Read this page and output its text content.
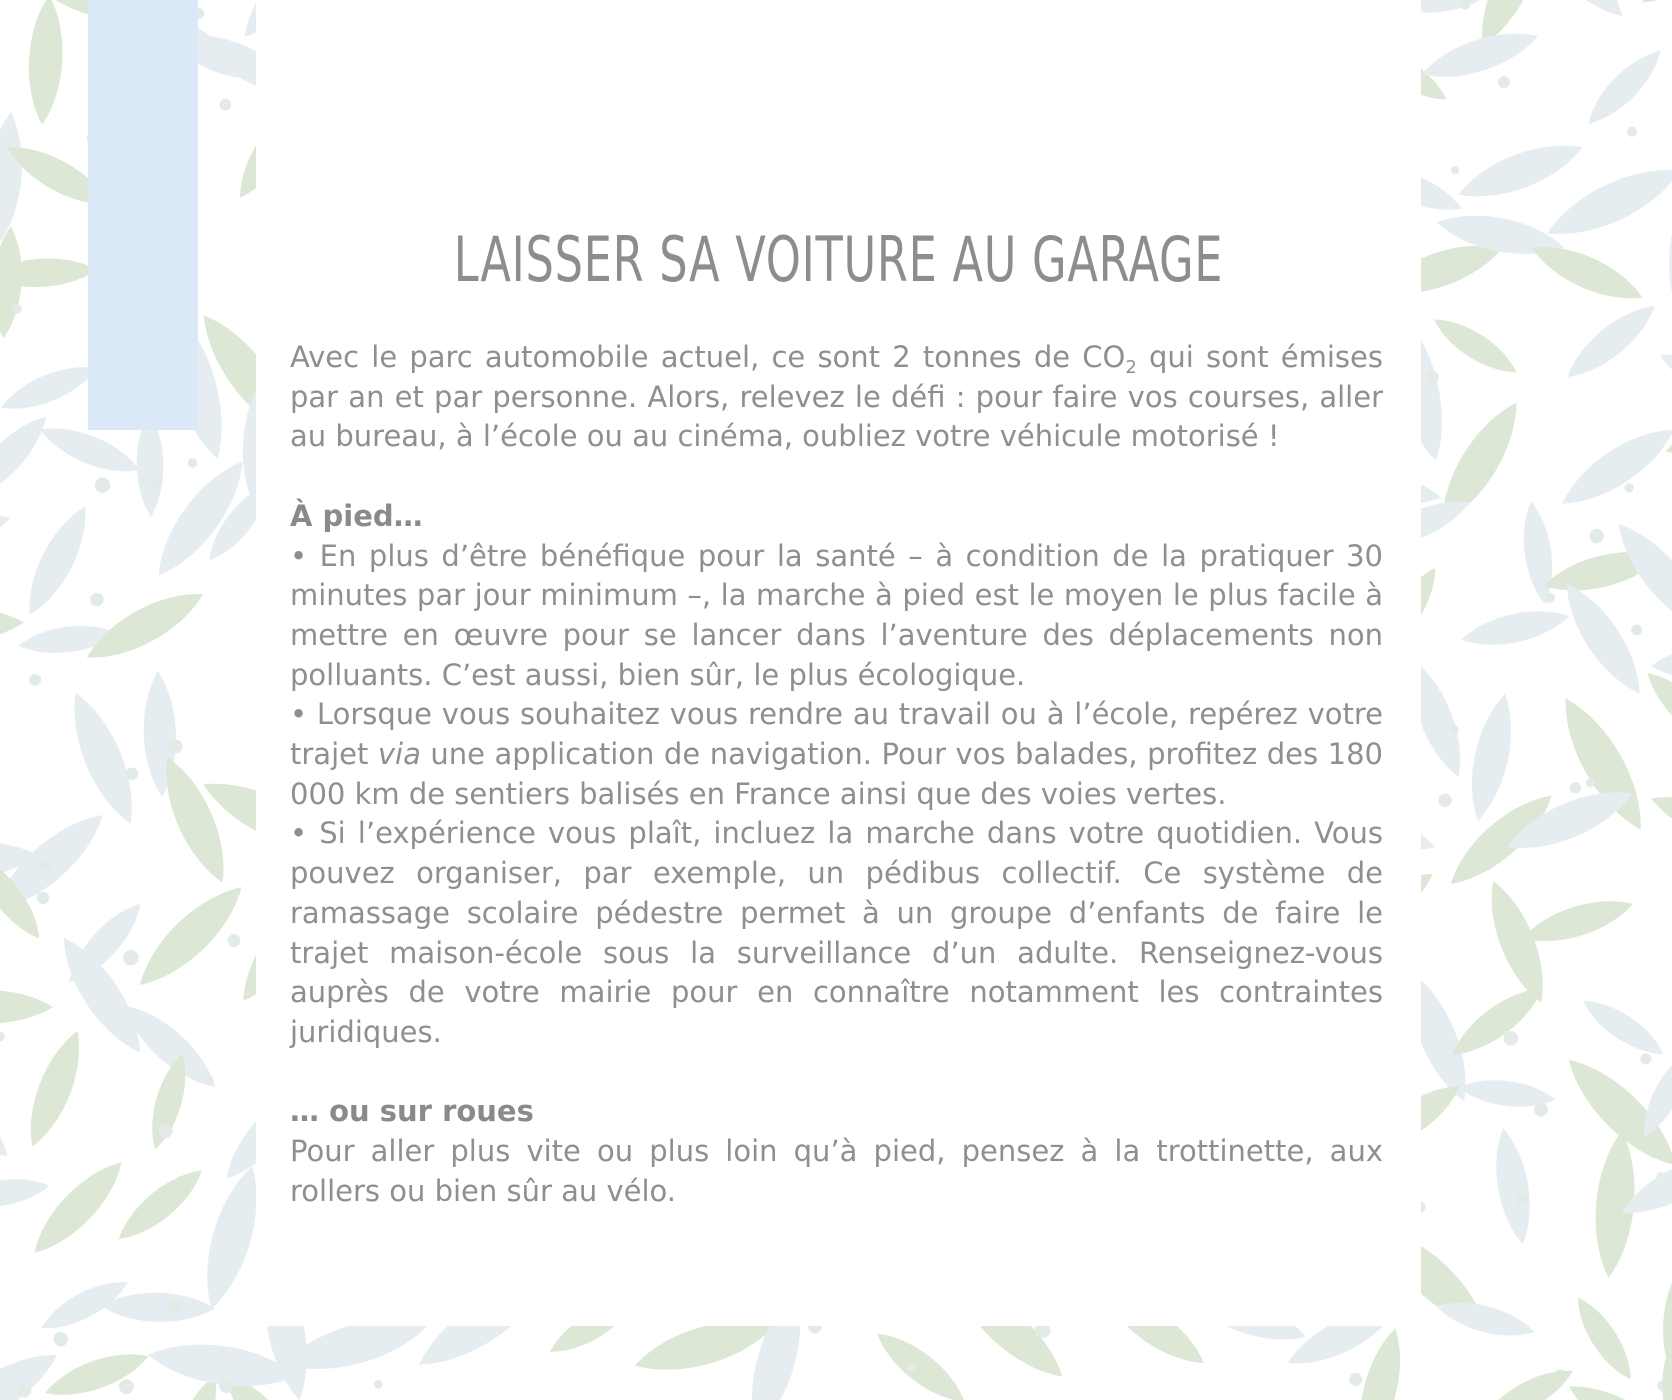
LAISSER SA VOITURE AU GARAGE

Avec le parc automobile actuel, ce sont 2 tonnes de $CO_2$ qui sont émises par an et par personne. Alors, relevez le défi : pour faire vos courses, aller au bureau, à l’école ou au cinéma, oubliez votre véhicule motorisé !

À pied…

• En plus d’être bénéfique pour la santé – à condition de la pratiquer 30 minutes par jour minimum –, la marche à pied est le moyen le plus facile à mettre en œuvre pour se lancer dans l’aventure des déplacements non polluants. C’est aussi, bien sûr, le plus écologique.

• Lorsque vous souhaitez vous rendre au travail ou à l’école, repérez votre trajet via une application de navigation. Pour vos balades, profitez des 180 000 km de sentiers balisés en France ainsi que des voies vertes.

• Si l’expérience vous plaît, incluez la marche dans votre quotidien. Vous pouvez organiser, par exemple, un pédibus collectif. Ce système de ramassage scolaire pédestre permet à un groupe d’enfants de faire le trajet maison-école sous la surveillance d’un adulte. Renseignez-vous auprès de votre mairie pour en connaître notamment les contraintes juridiques.

… ou sur roues

Pour aller plus vite ou plus loin qu’à pied, pensez à la trottinette, aux rollers ou bien sûr au vélo.
